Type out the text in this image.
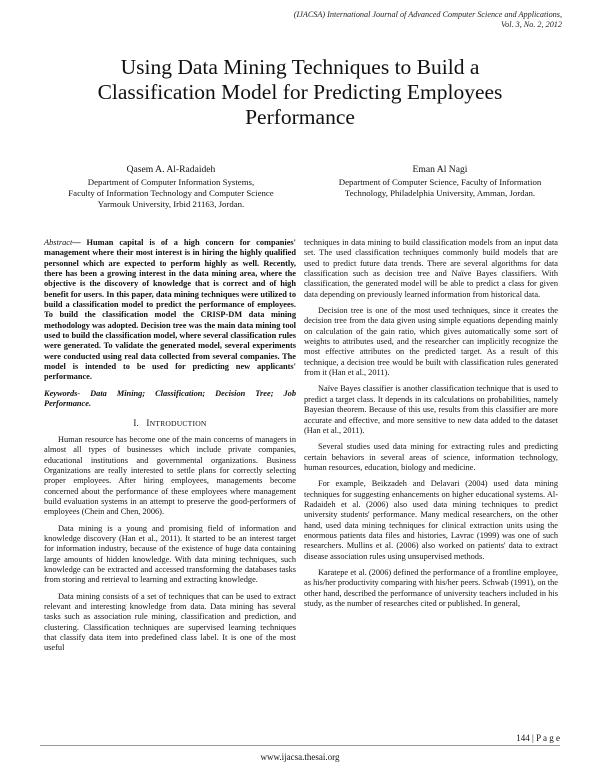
(IJACSA) International Journal of Advanced Computer Science and Applications,
Vol. 3, No. 2, 2012
Using Data Mining Techniques to Build a Classification Model for Predicting Employees Performance
Qasem A. Al-Radaideh
Department of Computer Information Systems,
Faculty of Information Technology and Computer Science
Yarmouk University, Irbid 21163, Jordan.
Eman Al Nagi
Department of Computer Science, Faculty of Information
Technology, Philadelphia University, Amman, Jordan.

Abstract— Human capital is of a high concern for companies' management where their most interest is in hiring the highly qualified personnel which are expected to perform highly as well. Recently, there has been a growing interest in the data mining area, where the objective is the discovery of knowledge that is correct and of high benefit for users. In this paper, data mining techniques were utilized to build a classification model to predict the performance of employees. To build the classification model the CRISP-DM data mining methodology was adopted. Decision tree was the main data mining tool used to build the classification model, where several classification rules were generated. To validate the generated model, several experiments were conducted using real data collected from several companies. The model is intended to be used for predicting new applicants' performance.

Keywords- Data Mining; Classification; Decision Tree; Job Performance.

I. INTRODUCTION

Human resource has become one of the main concerns of managers in almost all types of businesses which include private companies, educational institutions and governmental organizations. Business Organizations are really interested to settle plans for correctly selecting proper employees. After hiring employees, managements become concerned about the performance of these employees where management build evaluation systems in an attempt to preserve the good-performers of employees (Chein and Chen, 2006).

Data mining is a young and promising field of information and knowledge discovery (Han et al., 2011). It started to be an interest target for information industry, because of the existence of huge data containing large amounts of hidden knowledge. With data mining techniques, such knowledge can be extracted and accessed transforming the databases tasks from storing and retrieval to learning and extracting knowledge.

Data mining consists of a set of techniques that can be used to extract relevant and interesting knowledge from data. Data mining has several tasks such as association rule mining, classification and prediction, and clustering. Classification techniques are supervised learning techniques that classify data item into predefined class label. It is one of the most useful

techniques in data mining to build classification models from an input data set. The used classification techniques commonly build models that are used to predict future data trends. There are several algorithms for data classification such as decision tree and Naïve Bayes classifiers. With classification, the generated model will be able to predict a class for given data depending on previously learned information from historical data.

Decision tree is one of the most used techniques, since it creates the decision tree from the data given using simple equations depending mainly on calculation of the gain ratio, which gives automatically some sort of weights to attributes used, and the researcher can implicitly recognize the most effective attributes on the predicted target. As a result of this technique, a decision tree would be built with classification rules generated from it (Han et al., 2011).

Naïve Bayes classifier is another classification technique that is used to predict a target class. It depends in its calculations on probabilities, namely Bayesian theorem. Because of this use, results from this classifier are more accurate and effective, and more sensitive to new data added to the dataset (Han et al., 2011).

Several studies used data mining for extracting rules and predicting certain behaviors in several areas of science, information technology, human resources, education, biology and medicine.

For example, Beikzadeh and Delavari (2004) used data mining techniques for suggesting enhancements on higher educational systems. Al-Radaideh et al. (2006) also used data mining techniques to predict university students' performance. Many medical researchers, on the other hand, used data mining techniques for clinical extraction units using the enormous patients data files and histories, Lavrac (1999) was one of such researchers. Mullins et al. (2006) also worked on patients' data to extract disease association rules using unsupervised methods.

Karatepe et al. (2006) defined the performance of a frontline employee, as his/her productivity comparing with his/her peers. Schwab (1991), on the other hand, described the performance of university teachers included in his study, as the number of researches cited or published. In general,

144 | P a g e
www.ijacsa.thesai.org
